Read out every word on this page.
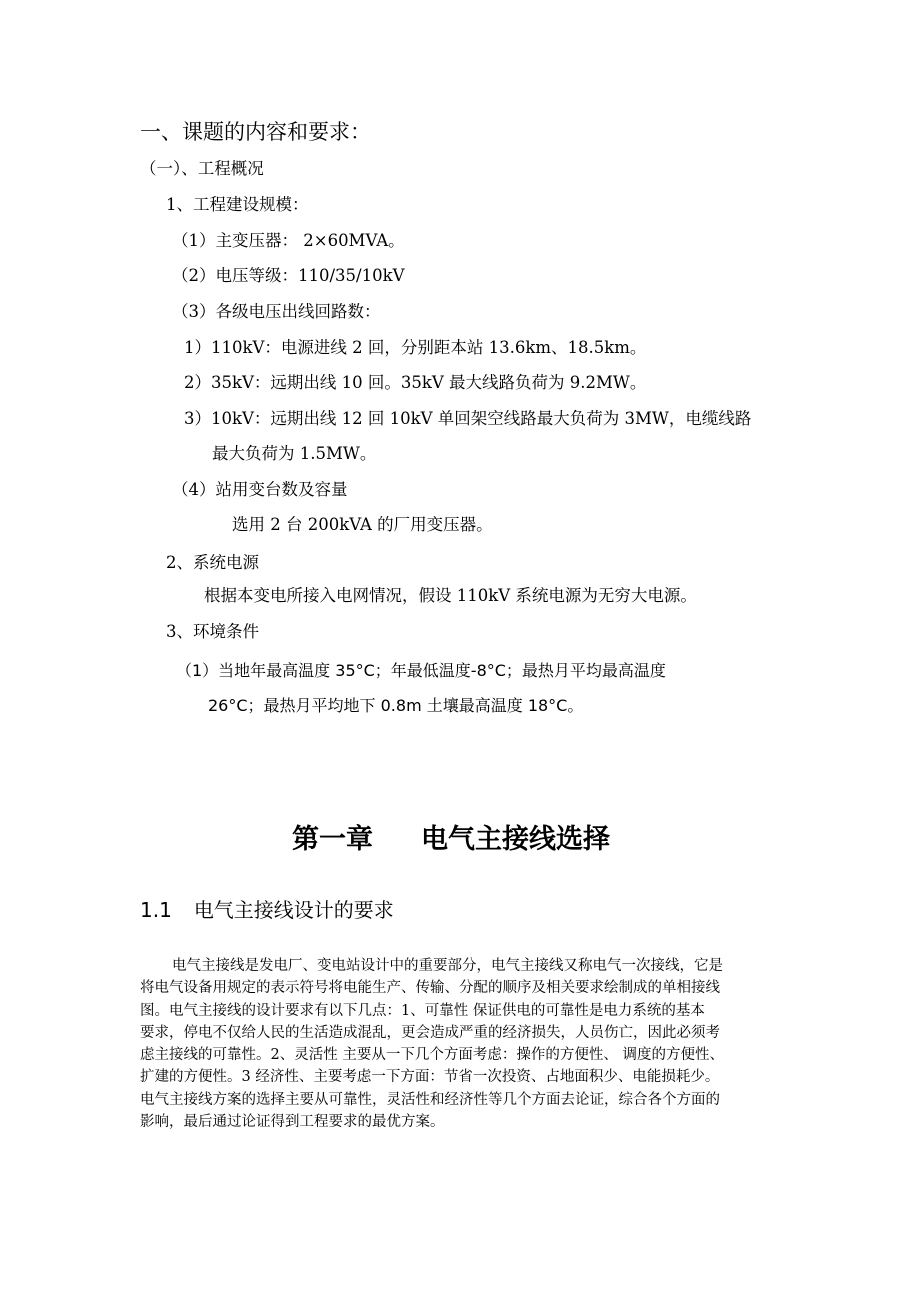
一、课题的内容和要求：
（一）、工程概况
1、工程建设规模：
（1）主变压器： 2×60MVA。
（2）电压等级：110/35/10kV
（3）各级电压出线回路数：
1）110kV：电源进线 2 回，分别距本站 13.6km、18.5km。
2）35kV：远期出线 10 回。35kV 最大线路负荷为 9.2MW。
3）10kV：远期出线 12 回 10kV 单回架空线路最大负荷为 3MW，电缆线路
最大负荷为 1.5MW。
（4）站用变台数及容量
选用 2 台 200kVA 的厂用变压器。
2、系统电源
根据本变电所接入电网情况，假设 110kV 系统电源为无穷大电源。
3、环境条件
（1）当地年最高温度 35°C；年最低温度-8°C；最热月平均最高温度
26°C；最热月平均地下 0.8m 土壤最高温度 18°C。
第一章 电气主接线选择
1.1 电气主接线设计的要求
电气主接线是发电厂、变电站设计中的重要部分，电气主接线又称电气一次接线，它是
将电气设备用规定的表示符号将电能生产、传输、分配的顺序及相关要求绘制成的单相接线
图。电气主接线的设计要求有以下几点：1、可靠性 保证供电的可靠性是电力系统的基本
要求，停电不仅给人民的生活造成混乱，更会造成严重的经济损失，人员伤亡，因此必须考
虑主接线的可靠性。2、灵活性 主要从一下几个方面考虑：操作的方便性、 调度的方便性、
扩建的方便性。3 经济性、主要考虑一下方面：节省一次投资、占地面积少、电能损耗少。
电气主接线方案的选择主要从可靠性，灵活性和经济性等几个方面去论证，综合各个方面的
影响，最后通过论证得到工程要求的最优方案。
